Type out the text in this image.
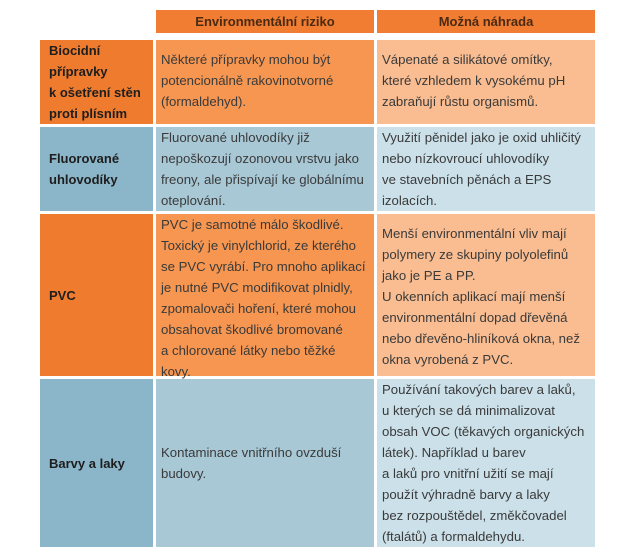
Environmentální riziko	Možná náhrada
Biocidní
přípravky
k ošetření stěn
proti plísním
Některé přípravky mohou být
potencionálně rakovinotvorné
(formaldehyd).
Vápenaté a silikátové omítky,
které vzhledem k vysokému pH
zabraňují růstu organismů.
Fluorované
uhlovodíky
Fluorované uhlovodíky již
nepoškozují ozonovou vrstvu jako
freony, ale přispívají ke globálnímu
oteplování.
Využití pěnidel jako je oxid uhličitý
nebo nízkovroucí uhlovodíky
ve stavebních pěnách a EPS
izolacích.
PVC
PVC je samotné málo škodlivé.
Toxický je vinylchlorid, ze kterého
se PVC vyrábí. Pro mnoho aplikací
je nutné PVC modifikovat plnidly,
zpomalovači hoření, které mohou
obsahovat škodlivé bromované
a chlorované látky nebo těžké
kovy.
Menší environmentální vliv mají
polymery ze skupiny polyolefinů
jako je PE a PP.
U okenních aplikací mají menší
environmentální dopad dřevěná
nebo dřevěno-hliníková okna, než
okna vyrobená z PVC.
Barvy a laky
Kontaminace vnitřního ovzduší
budovy.
Používání takových barev a laků,
u kterých se dá minimalizovat
obsah VOC (těkavých organických
látek). Například u barev
a laků pro vnitřní užití se mají
použít výhradně barvy a laky
bez rozpouštědel, změkčovadel
(ftalátů) a formaldehydu.
